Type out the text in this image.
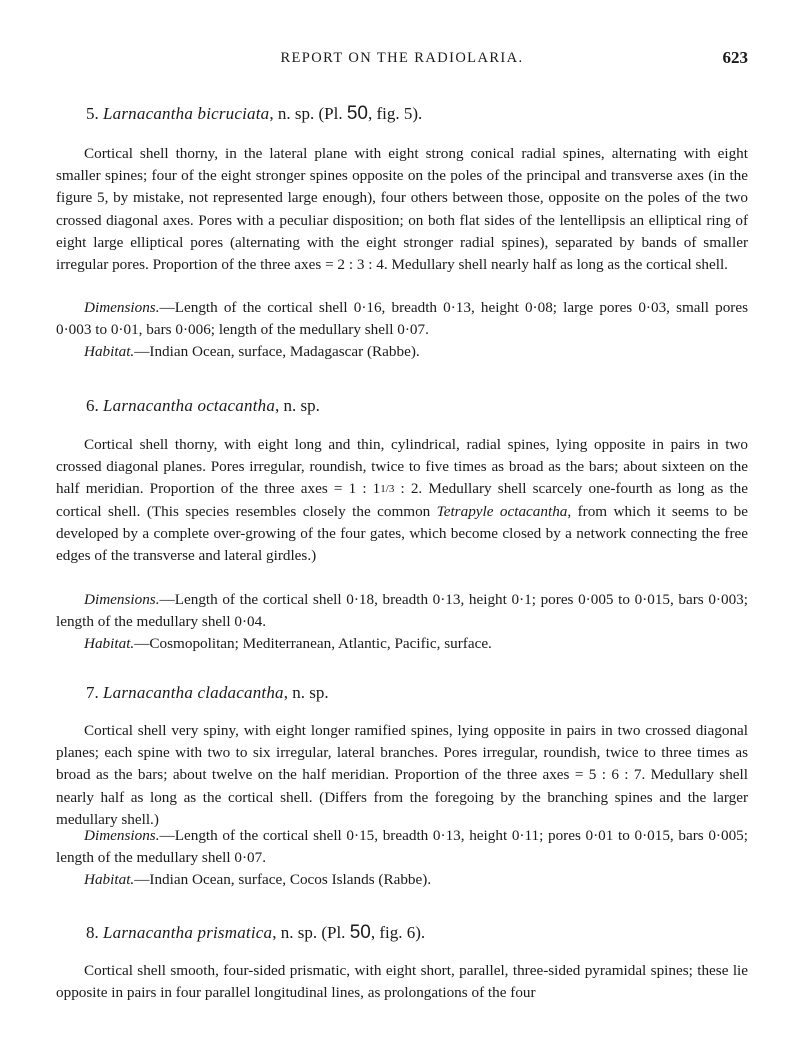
REPORT ON THE RADIOLARIA.	623
5. Larnacantha bicruciata, n. sp. (Pl. 50, fig. 5).

Cortical shell thorny, in the lateral plane with eight strong conical radial spines, alternating with eight smaller spines; four of the eight stronger spines opposite on the poles of the principal and transverse axes (in the figure 5, by mistake, not represented large enough), four others between those, opposite on the poles of the two crossed diagonal axes. Pores with a peculiar disposition; on both flat sides of the lentellipsis an elliptical ring of eight large elliptical pores (alternating with the eight stronger radial spines), separated by bands of smaller irregular pores. Proportion of the three axes = 2 : 3 : 4. Medullary shell nearly half as long as the cortical shell.

Dimensions.—Length of the cortical shell 0·16, breadth 0·13, height 0·08; large pores 0·03, small pores 0·003 to 0·01, bars 0·006; length of the medullary shell 0·07.

Habitat.—Indian Ocean, surface, Madagascar (Rabbe).

6. Larnacantha octacantha, n. sp.

Cortical shell thorny, with eight long and thin, cylindrical, radial spines, lying opposite in pairs in two crossed diagonal planes. Pores irregular, roundish, twice to five times as broad as the bars; about sixteen on the half meridian. Proportion of the three axes = 1 : 11/3 : 2. Medullary shell scarcely one-fourth as long as the cortical shell. (This species resembles closely the common Tetrapyle octacantha, from which it seems to be developed by a complete over-growing of the four gates, which become closed by a network connecting the free edges of the transverse and lateral girdles.)

Dimensions.—Length of the cortical shell 0·18, breadth 0·13, height 0·1; pores 0·005 to 0·015, bars 0·003; length of the medullary shell 0·04.

Habitat.—Cosmopolitan; Mediterranean, Atlantic, Pacific, surface.

7. Larnacantha cladacantha, n. sp.

Cortical shell very spiny, with eight longer ramified spines, lying opposite in pairs in two crossed diagonal planes; each spine with two to six irregular, lateral branches. Pores irregular, roundish, twice to three times as broad as the bars; about twelve on the half meridian. Proportion of the three axes = 5 : 6 : 7. Medullary shell nearly half as long as the cortical shell. (Differs from the foregoing by the branching spines and the larger medullary shell.)

Dimensions.—Length of the cortical shell 0·15, breadth 0·13, height 0·11; pores 0·01 to 0·015, bars 0·005; length of the medullary shell 0·07.

Habitat.—Indian Ocean, surface, Cocos Islands (Rabbe).

8. Larnacantha prismatica, n. sp. (Pl. 50, fig. 6).

Cortical shell smooth, four-sided prismatic, with eight short, parallel, three-sided pyramidal spines; these lie opposite in pairs in four parallel longitudinal lines, as prolongations of the four
